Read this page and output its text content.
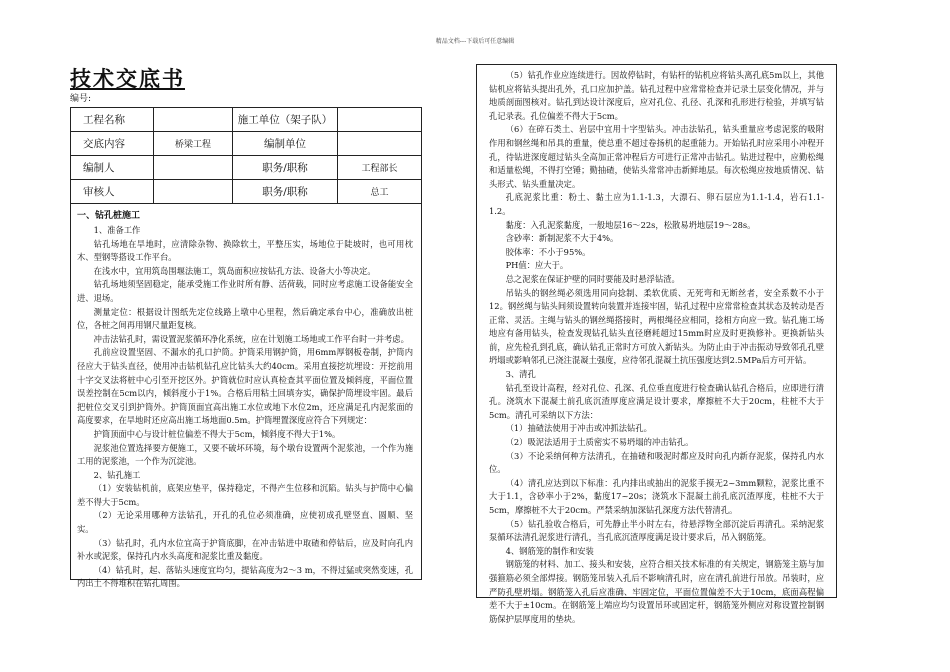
精品文档---下载后可任意编辑
技术交底书
编号:
工程名称		施工单位（架子队）	
交底内容	桥梁工程	编制单位	
编制人		职务/职称	工程部长
审核人		职务/职称	总工
一、钻孔桩施工

1、准备工作

钻孔场地在旱地时，应清除杂物、换除软土，平整压实，场地位于陡坡时，也可用枕木、型钢等搭设工作平台。

在浅水中，宜用筑岛围堰法施工，筑岛面积应按钻孔方法、设备大小等决定。

钻孔场地须坚固稳定，能承受施工作业时所有静、活荷载，同时应考虑施工设备能安全进、退场。

测量定位：根据设计图纸先定位线路上墩中心里程，然后确定承台中心，准确放出桩位，各桩之间再用钢尺量距复核。

冲击法钻孔时，需设置泥浆循环净化系统，应在计划施工场地或工作平台时一并考虑。

孔前应设置坚固、不漏水的孔口护筒。护筒采用钢护筒，用6mm厚钢板卷制，护筒内径应大于钻头直径，使用冲击钻机钻孔应比钻头大约40cm。采用直接挖坑埋设：开挖前用十字交叉法将桩中心引至开挖区外。护筒就位时应认真检查其平面位置及倾斜度，平面位置误差控制在5cm以内，倾斜度小于1%。合格后用粘土回填夯实，确保护筒埋设牢固。最后把桩位交叉引到护筒外。护筒顶面宜高出施工水位或地下水位2m，还应满足孔内泥浆面的高度要求，在旱地时还应高出施工场地面0.5m。护筒埋置深度应符合下列规定：

护筒顶面中心与设计桩位偏差不得大于5cm，倾斜度不得大于1%。

泥浆池位置选择要方便施工，又要不破坏环境，每个墩台设置两个泥浆池，一个作为施工用的泥浆池，一个作为沉淀池。

2、钻孔施工

（1）安装钻机前，底架应垫平，保持稳定，不得产生位移和沉陷。钻头与护筒中心偏差不得大于5cm。

（2）无论采用哪种方法钻孔，开孔的孔位必须准确，应使初成孔壁竖直、圆顺、坚实。

（3）钻孔时，孔内水位宜高于护筒底脚，在冲击钻进中取碴和停钻后，应及时向孔内补水或泥浆，保持孔内水头高度和泥浆比重及黏度。

（4）钻孔时，起、落钻头速度宜均匀，提钻高度为2～3 m，不得过猛或突然变速，孔内出土不得堆积在钻孔周围。

（5）钻孔作业应连续进行。因故停钻时，有钻杆的钻机应将钻头离孔底5m以上，其他钻机应将钻头提出孔外，孔口应加护盖。钻孔过程中应常常检查并记录土层变化情况，并与地质剖面图核对。钻孔到达设计深度后，应对孔位、孔径、孔深和孔形进行检验，并填写钻孔记录表。孔位偏差不得大于5cm。

（6）在碎石类土、岩层中宜用十字型钻头。冲击法钻孔，钻头重量应考虑泥浆的吸附作用和钢丝绳和吊具的重量，使总重不超过卷扬机的起重能力。开始钻孔时应采用小冲程开孔，待钻进深度超过钻头全高加正常冲程后方可进行正常冲击钻孔。钻进过程中，应勤松绳和适量松绳，不得打空锤；勤抽碴，使钻头常常冲击新鲜地层。每次松绳应按地质情况、钻头形式、钻头重量决定。

孔底泥浆比重：粉土、黏土应为1.1-1.3，大漂石、卵石层应为1.1-1.4，岩石1.1-1.2。

黏度：入孔泥浆黏度，一般地层16～22s，松散易坍地层19～28s。

含砂率：新制泥浆不大于4%。

胶体率：不小于95%。

PH值：应大于。

总之泥浆在保证护壁的同时要能及时悬浮钻渣。

吊钻头的钢丝绳必须选用同向捻制、柔软优质、无死弯和无断丝者，安全系数不小于12。钢丝绳与钻头间须设置转向装置并连接牢固，钻孔过程中应常常检查其状态及转动是否正常、灵活。主绳与钻头的钢丝绳搭接时，两根绳径应相同，捻相方向应一致。钻孔施工场地应有备用钻头，检查发现钻孔钻头直径磨耗超过15mm时应及时更换修补。更换新钻头前，应先检孔到孔底，确认钻孔正常时方可放入新钻头。为防止由于冲击振动导致邻孔孔壁坍塌或影响邻孔已浇注混凝土强度，应待邻孔混凝土抗压强度达到2.5MPa后方可开钻。

3、清孔

钻孔至设计高程，经对孔位、孔深、孔位垂直度进行检查确认钻孔合格后，应即进行清孔。浇筑水下混凝土前孔底沉渣厚度应满足设计要求，摩擦桩不大于20cm，柱桩不大于5cm。清孔可采纳以下方法：

（1）抽碴法使用于冲击或冲抓法钻孔。

（2）吸泥法适用于土质密实不易坍塌的冲击钻孔。

（3）不论采纳何种方法清孔，在抽碴和吸泥时都应及时向孔内新存泥浆，保持孔内水位。

（4）清孔应达到以下标准：孔内排出或抽出的泥浆手摸无2~3mm颗粒，泥浆比重不大于1.1，含砂率小于2%，黏度17~20s；浇筑水下混凝土前孔底沉渣厚度，柱桩不大于5cm，摩擦桩不大于20cm。严禁采纳加深钻孔深度方法代替清孔。

（5）钻孔验收合格后，可先静止半小时左右，待悬浮物全部沉淀后再清孔。采纳泥浆泵循环法清孔泥浆进行清孔，当孔底沉渣厚度满足设计要求后，吊入钢筋笼。

4、钢筋笼的制作和安装

钢筋笼的材料、加工、接头和安装，应符合相关技术标准的有关规定，钢筋笼主筋与加强箍筋必须全部焊接。钢筋笼吊装入孔后不影响清孔时，应在清孔前进行吊放。吊装时，应严防孔壁坍塌。钢筋笼入孔后应准确、牢固定位，平面位置偏差不大于10cm，底面高程偏差不大于±10cm。在钢筋笼上端应均匀设置吊环或固定杆，钢筋笼外侧应对称设置控制钢筋保护层厚度用的垫块。
